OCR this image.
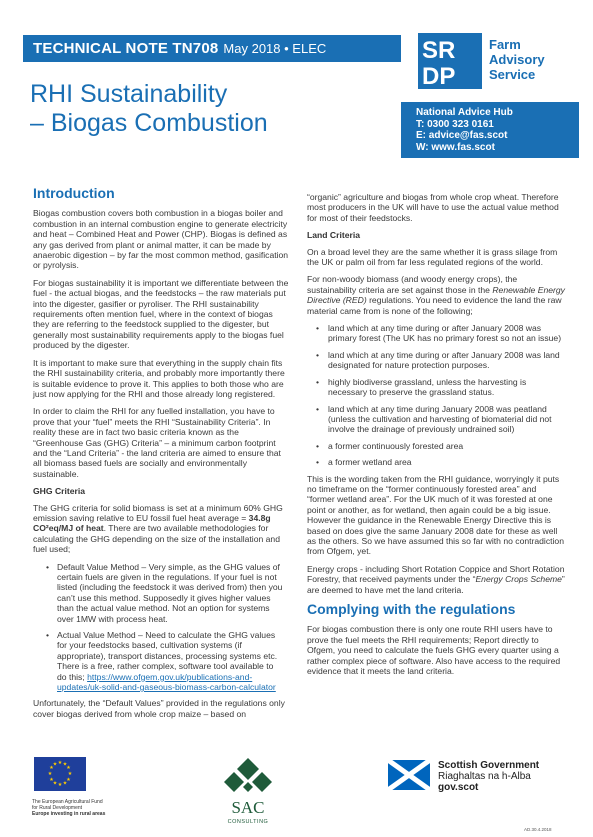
TECHNICAL NOTE TN708 May 2018 • ELEC
RHI Sustainability
– Biogas Combustion
SR
DP
Farm
Advisory
Service
National Advice Hub
T: 0300 323 0161
E: advice@fas.scot
W: www.fas.scot
Introduction

Biogas combustion covers both combustion in a biogas boiler and combustion in an internal combustion engine to generate electricity and heat – Combined Heat and Power (CHP). Biogas is defined as any gas derived from plant or animal matter, it can be made by anaerobic digestion – by far the most common method, gasification or pyrolysis.

For biogas sustainability it is important we differentiate between the fuel - the actual biogas, and the feedstocks – the raw materials put into the digester, gasifier or pyroliser. The RHI sustainability requirements often mention fuel, where in the context of biogas they are referring to the feedstock supplied to the digester, but generally most sustainability requirements apply to the biogas fuel produced by the digester.

It is important to make sure that everything in the supply chain fits the RHI sustainability criteria, and probably more importantly there is suitable evidence to prove it. This applies to both those who are just now applying for the RHI and those already long registered.

In order to claim the RHI for any fuelled installation, you have to prove that your “fuel” meets the RHI “Sustainability Criteria”. In reality these are in fact two basic criteria known as the “Greenhouse Gas (GHG) Criteria” – a minimum carbon footprint and the “Land Criteria” - the land criteria are aimed to ensure that all biomass based fuels are socially and environmentally sustainable.

GHG Criteria

The GHG criteria for solid biomass is set at a minimum 60% GHG emission saving relative to EU fossil fuel heat average = 34.8g CO²eq/MJ of heat. There are two available methodologies for calculating the GHG depending on the size of the installation and fuel used;

• Default Value Method – Very simple, as the GHG values of certain fuels are given in the regulations. If your fuel is not listed (including the feedstock it was derived from) then you can’t use this method. Supposedly it gives higher values than the actual value method. Not an option for systems over 1MW with process heat.
• Actual Value Method – Need to calculate the GHG values for your feedstocks based, cultivation systems (if appropriate), transport distances, processing systems etc. There is a free, rather complex, software tool available to do this; https://www.ofgem.gov.uk/publications-and-updates/uk-solid-and-gaseous-biomass-carbon-calculator

Unfortunately, the “Default Values” provided in the regulations only cover biogas derived from whole crop maize – based on

“organic” agriculture and biogas from whole crop wheat. Therefore most producers in the UK will have to use the actual value method for most of their feedstocks.

Land Criteria

On a broad level they are the same whether it is grass silage from the UK or palm oil from far less regulated regions of the world.

For non-woody biomass (and woody energy crops), the sustainability criteria are set against those in the Renewable Energy Directive (RED) regulations. You need to evidence the land the raw material came from is none of the following;

• land which at any time during or after January 2008 was primary forest (The UK has no primary forest so not an issue)
• land which at any time during or after January 2008 was land designated for nature protection purposes.
• highly biodiverse grassland, unless the harvesting is necessary to preserve the grassland status.
• land which at any time during January 2008 was peatland (unless the cultivation and harvesting of biomaterial did not involve the drainage of previously undrained soil)
• a former continuously forested area
• a former wetland area

This is the wording taken from the RHI guidance, worryingly it puts no timeframe on the “former continuously forested area” and “former wetland area”. For the UK much of it was forested at one point or another, as for wetland, then again could be a big issue. However the guidance in the Renewable Energy Directive this is based on does give the same January 2008 date for these as well as the others. So we have assumed this so far with no contradiction from Ofgem, yet.

Energy crops - including Short Rotation Coppice and Short Rotation Forestry, that received payments under the “Energy Crops Scheme” are deemed to have met the land criteria.

Complying with the regulations

For biogas combustion there is only one route RHI users have to prove the fuel meets the RHI requirements; Report directly to Ofgem, you need to calculate the fuels GHG every quarter using a rather complex piece of software. Also have access to the required evidence that it meets the land criteria.

★ ★
★
★
★
★
★
★
★
★
★
★
The European Agricultural Fund
for Rural Development
Europe investing in rural areas	SAC
CONSULTING
Scottish Government
Riaghaltas na h-Alba
gov.scot
AD.30.4.2018
